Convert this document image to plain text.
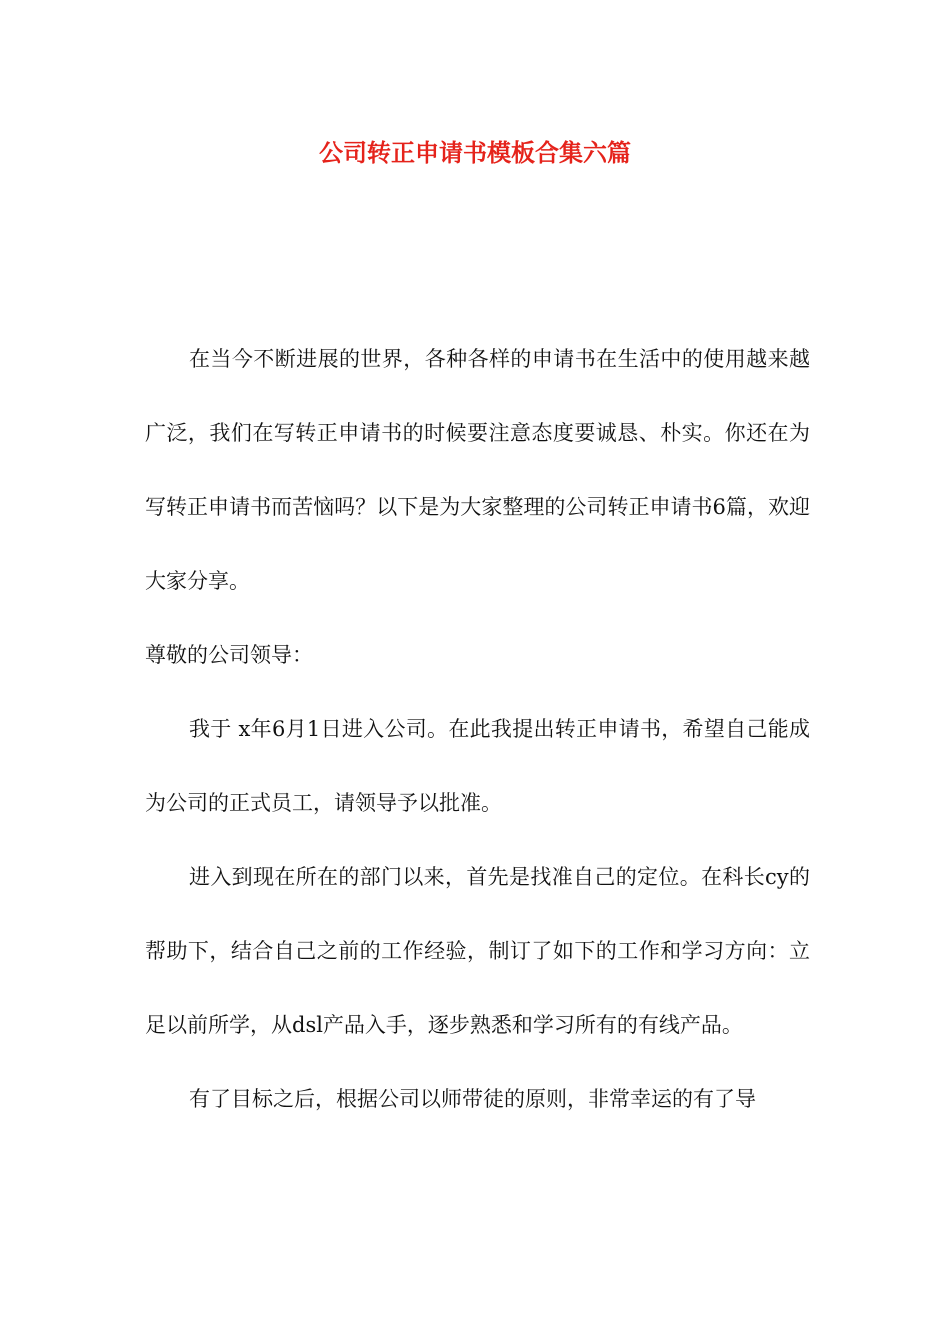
公司转正申请书模板合集六篇

在当今不断进展的世界，各种各样的申请书在生活中的使用越来越广泛，我们在写转正申请书的时候要注意态度要诚恳、朴实。你还在为写转正申请书而苦恼吗？以下是为大家整理的公司转正申请书6篇，欢迎大家分享。

尊敬的公司领导：

我于 x年6月1日进入公司。在此我提出转正申请书，希望自己能成为公司的正式员工，请领导予以批准。

进入到现在所在的部门以来，首先是找准自己的定位。在科长cy的帮助下，结合自己之前的工作经验，制订了如下的工作和学习方向：立足以前所学，从dsl产品入手，逐步熟悉和学习所有的有线产品。

有了目标之后，根据公司以师带徒的原则，非常幸运的有了导
